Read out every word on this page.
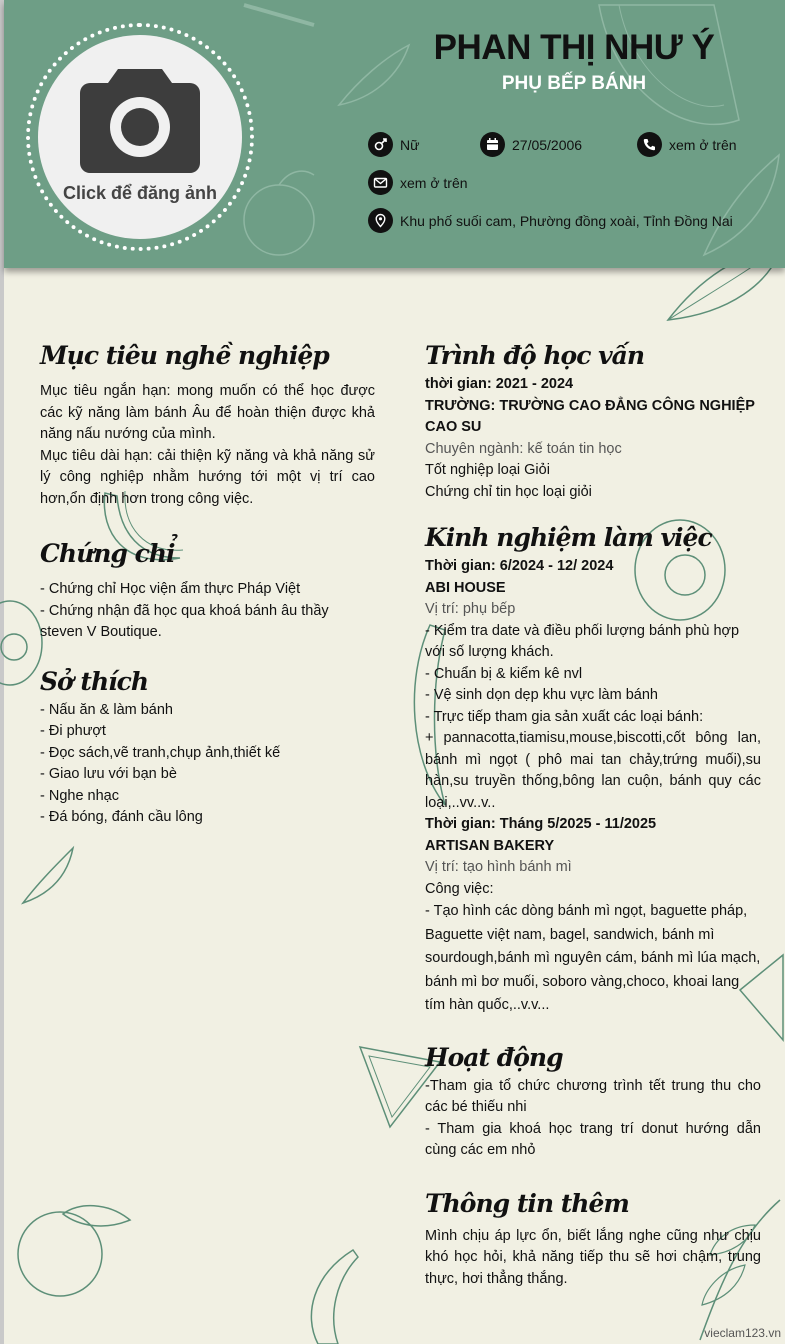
Click để đăng ảnh
PHAN THỊ NHƯ Ý
PHỤ BẾP BÁNH
Nữ	27/05/2006	xem ở trên
xem ở trên
Khu phố suối cam, Phường đồng xoài, Tỉnh Đồng Nai
Mục tiêu nghề nghiệp

Mục tiêu ngắn hạn: mong muốn có thể học được các kỹ năng làm bánh Âu để hoàn thiện được khả năng nấu nướng của mình.

Mục tiêu dài hạn: cải thiện kỹ năng và khả năng sử lý công nghiệp nhằm hướng tới một vị trí cao hơn,ổn định hơn trong công việc.

Chứng chỉ

- Chứng chỉ Học viện ẩm thực Pháp Việt

- Chứng nhận đã học qua khoá bánh âu thầy steven V Boutique.

Sở thích

- Nấu ăn & làm bánh

- Đi phượt

- Đọc sách,vẽ tranh,chụp ảnh,thiết kế

- Giao lưu với bạn bè

- Nghe nhạc

- Đá bóng, đánh cầu lông

Trình độ học vấn

thời gian: 2021 - 2024

TRƯỜNG: TRƯỜNG CAO ĐẲNG CÔNG NGHIỆP CAO SU

Chuyên ngành: kế toán tin học

Tốt nghiệp loại Giỏi

Chứng chỉ tin học loại giỏi

Kinh nghiệm làm việc

Thời gian: 6/2024 - 12/ 2024

ABI HOUSE

Vị trí: phụ bếp

- Kiểm tra date và điều phối lượng bánh phù hợp với số lượng khách.

- Chuẩn bị & kiểm kê nvl

- Vệ sinh dọn dẹp khu vực làm bánh

- Trực tiếp tham gia sản xuất các loại bánh:

+ pannacotta,tiamisu,mouse,biscotti,cốt bông lan, bánh mì ngọt ( phô mai tan chảy,trứng muối),su hàn,su truyền thống,bông lan cuộn, bánh quy các loại,..vv..v..

Thời gian: Tháng 5/2025 - 11/2025

ARTISAN BAKERY

Vị trí: tạo hình bánh mì

Công việc:

- Tạo hình các dòng bánh mì ngọt, baguette pháp, Baguette việt nam, bagel, sandwich, bánh mì sourdough,bánh mì nguyên cám, bánh mì lúa mạch, bánh mì bơ muối, soboro vàng,choco, khoai lang tím hàn quốc,..v.v...

Hoạt động

-Tham gia tổ chức chương trình tết trung thu cho các bé thiếu nhi

- Tham gia khoá học trang trí donut hướng dẫn cùng các em nhỏ

Thông tin thêm

Mình chịu áp lực ổn, biết lắng nghe cũng như chịu khó học hỏi, khả năng tiếp thu sẽ hơi chậm, trung thực, hơi thẳng thắng.

vieclam123.vn
